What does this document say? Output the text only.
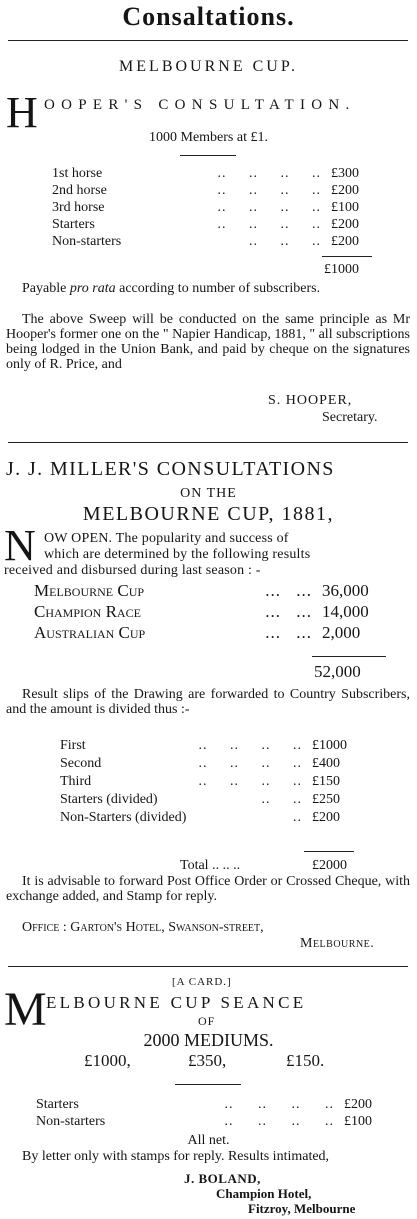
Consaltations.
MELBOURNE CUP.
H OOPER'S CONSULTATION.
1000 Members at £1.
1st horse	.. .. .. .. £300
2nd horse	.. .. .. .. £200
3rd horse	.. .. .. .. £100
Starters	.. .. .. .. £200
Non-starters	.. .. .. £200
£1000
Payable pro rata according to number of subscribers.
The above Sweep will be conducted on the same principle as Mr Hooper's former one on the " Napier Handicap, 1881, " all subscriptions being lodged in the Union Bank, and paid by cheque on the signatures only of R. Price, and
S. HOOPER,
Secretary.
J. J. MILLER'S CONSULTATIONS
ON THE
MELBOURNE CUP, 1881,
N OW OPEN. The popularity and success of
which are determined by the following results
received and disbursed during last season : -
Melbourne Cup	... ... 36,000
Champion Race	... ... 14,000
Australian Cup	... ... 2,000
52,000
Result slips of the Drawing are forwarded to Country Subscribers, and the amount is divided thus :-
First	.. .. .. .. £1000
Second	.. .. .. .. £400
Third	.. .. .. .. £150
Starters (divided)	.. .. £250
Non-Starters (divided)	.. £200
Total .. .. ..	£2000
It is advisable to forward Post Office Order or Crossed Cheque, with exchange added, and Stamp for reply.
Office : Garton's Hotel, Swanson-street,
Melbourne.
[A CARD.]
M ELBOURNE CUP SEANCE
OF
2000 MEDIUMS.
£1000,	£350,	£150.
Starters	.. .. .. .. £200
Non-starters	.. .. .. .. £100
All net.
By letter only with stamps for reply. Results intimated,
J. BOLAND,
Champion Hotel,
Fitzroy, Melbourne
